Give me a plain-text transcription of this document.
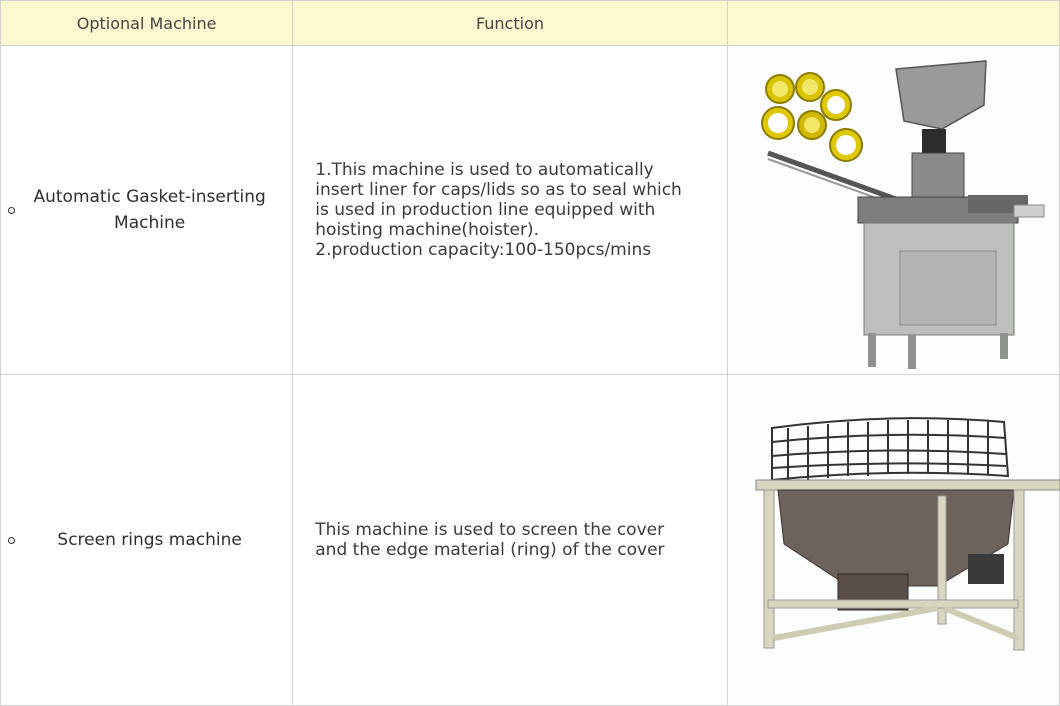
Optional Machine	Function	

Automatic Gasket-inserting Machine	1.This machine is used to automatically
insert liner for caps/lids so as to seal which
is used in production line equipped with
hoisting machine(hoister).
2.production capacity:100-150pcs/mins	

Screen rings machine	This machine is used to screen the cover
and the edge material (ring) of the cover	
